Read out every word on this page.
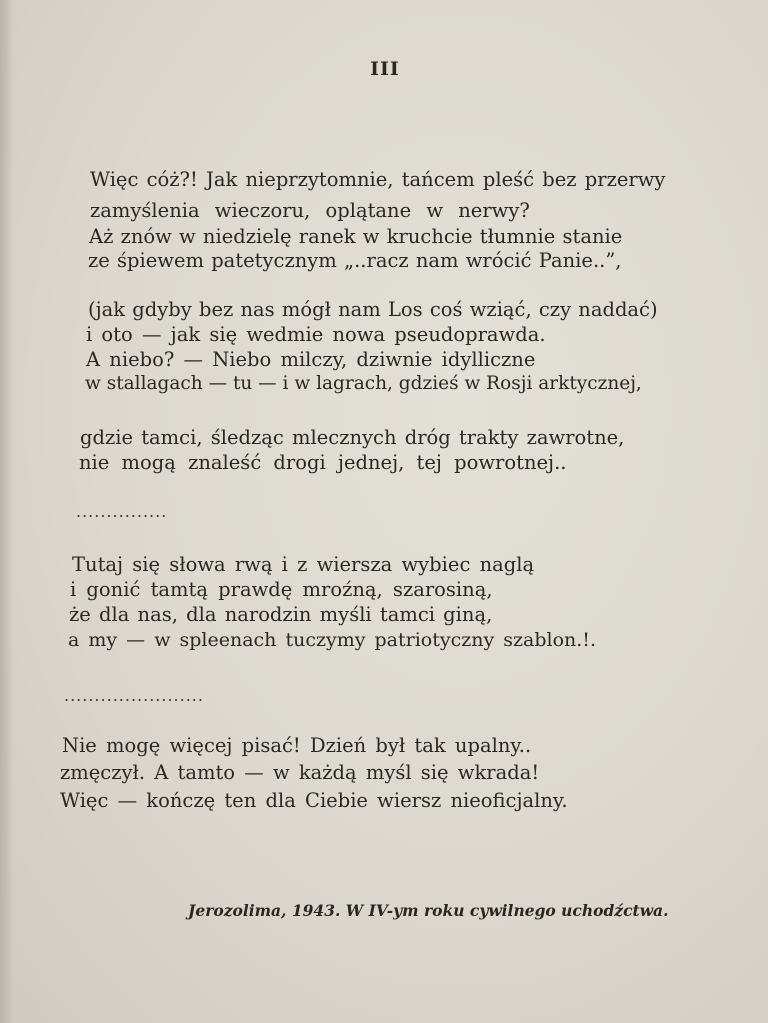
III
Więc cóż?! Jak nieprzytomnie, tańcem pleść bez przerwy
zamyślenia wieczoru, oplątane w nerwy?
Aż znów w niedzielę ranek w kruchcie tłumnie stanie
ze śpiewem patetycznym „..racz nam wrócić Panie..”,
(jak gdyby bez nas mógł nam Los coś wziąć, czy naddać)
i oto — jak się wedmie nowa pseudoprawda.
A niebo? — Niebo milczy, dziwnie idylliczne
w stallagach — tu — i w lagrach, gdzieś w Rosji arktycznej,
gdzie tamci, śledząc mlecznych dróg trakty zawrotne,
nie mogą znaleść drogi jednej, tej powrotnej..
...............
Tutaj się słowa rwą i z wiersza wybiec naglą
i gonić tamtą prawdę mroźną, szarosiną,
że dla nas, dla narodzin myśli tamci giną,
a my — w spleenach tuczymy patriotyczny szablon.!.
.......................
Nie mogę więcej pisać! Dzień był tak upalny..
zmęczył. A tamto — w każdą myśl się wkrada!
Więc — kończę ten dla Ciebie wiersz nieoficjalny.
Jerozolima, 1943. W IV-ym roku cywilnego uchodźctwa.
